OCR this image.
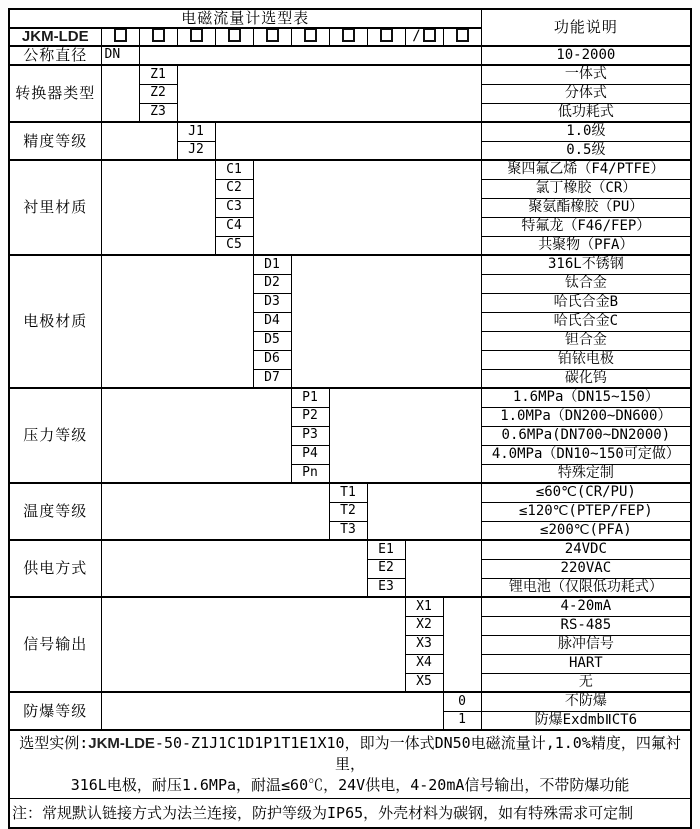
电磁流量计选型表											功能说明
JKM-LDE									/		
公称直径	DN										10-2000
转换器类型		Z1									一体式
		Z2									分体式
		Z3									低功耗式
精度等级			J1								1.0级
			J2								0.5级
衬里材质				C1							聚四氟乙烯（F4/PTFE）
				C2							氯丁橡胶（CR）
				C3							聚氨酯橡胶（PU）
				C4							特氟龙（F46/FEP）
				C5							共聚物（PFA）
电极材质					D1						316L不锈钢
					D2						钛合金
					D3						哈氏合金B
					D4						哈氏合金C
					D5						钽合金
					D6						铂铱电极
					D7						碳化钨
压力等级						P1					1.6MPa（DN15~150）
						P2					1.0MPa（DN200~DN600）
						P3					0.6MPa(DN700~DN2000)
						P4					4.0MPa（DN10~150可定做）
						Pn					特殊定制
温度等级							T1				≤60℃(CR/PU)
							T2				≤120℃(PTEP/FEP)
							T3				≤200℃(PFA)
供电方式								E1			24VDC
								E2			220VAC
								E3			锂电池（仅限低功耗式）
信号输出									X1		4-20mA
									X2		RS-485
									X3		脉冲信号
									X4		HART
									X5		无
防爆等级										0	不防爆
										1	防爆ExdmbⅡCT6
选型实例:JKM-LDE-50-Z1J1C1D1P1T1E1X10，即为一体式DN50电磁流量计,1.0%精度，四氟衬里，
316L电极，耐压1.6MPa，耐温≤60℃，24V供电，4-20mA信号输出，不带防爆功能											
注：常规默认链接方式为法兰连接，防护等级为IP65，外壳材料为碳钢，如有特殊需求可定制											
